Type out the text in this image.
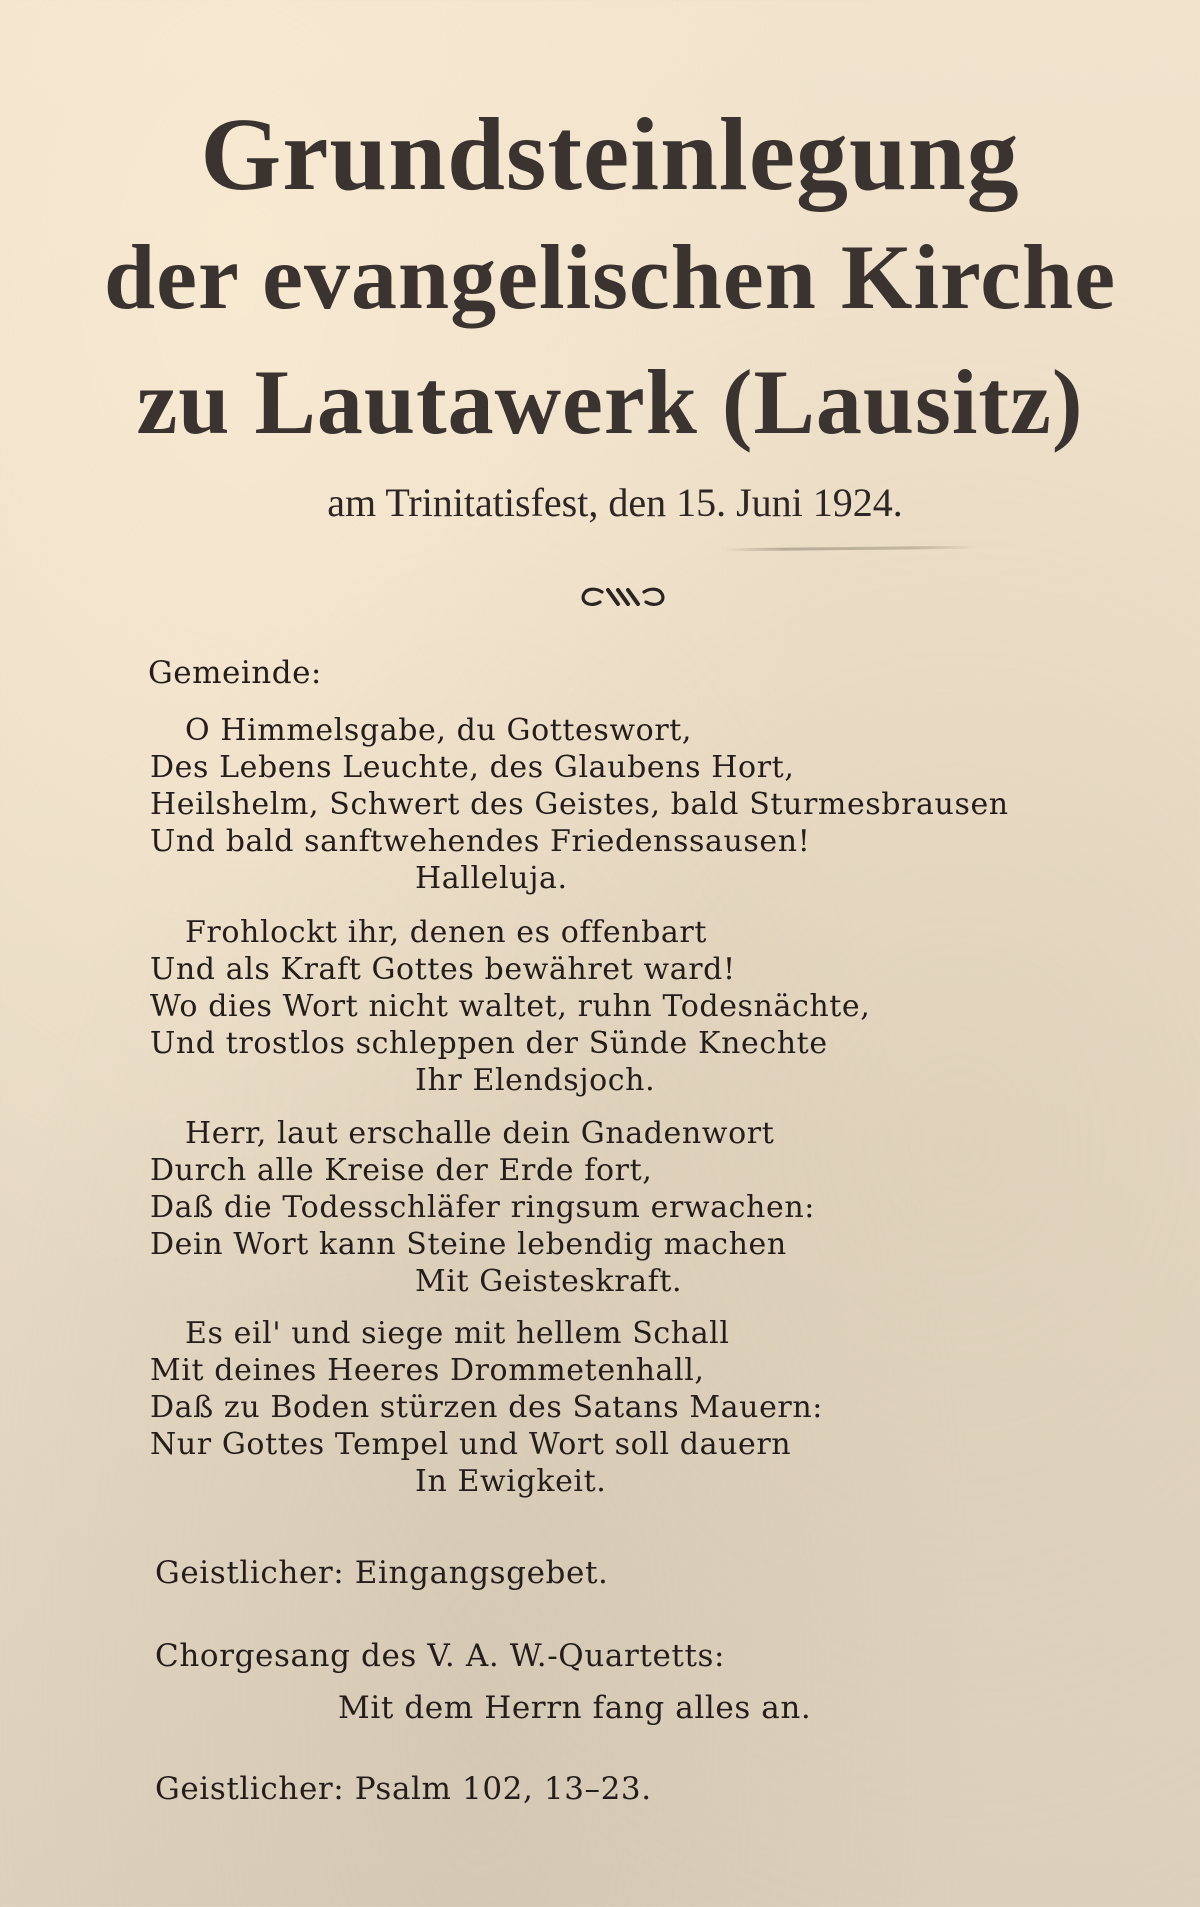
Grundsteinlegung
der evangelischen Kirche
zu Lautawerk (Lausitz)
am Trinitatisfest, den 15. Juni 1924.
Gemeinde:
O Himmelsgabe, du Gotteswort,
Des Lebens Leuchte, des Glaubens Hort,
Heilshelm, Schwert des Geistes, bald Sturmesbrausen
Und bald sanftwehendes Friedenssausen!
Halleluja.
Frohlockt ihr, denen es offenbart
Und als Kraft Gottes bewähret ward!
Wo dies Wort nicht waltet, ruhn Todesnächte,
Und trostlos schleppen der Sünde Knechte
Ihr Elendsjoch.
Herr, laut erschalle dein Gnadenwort
Durch alle Kreise der Erde fort,
Daß die Todesschläfer ringsum erwachen:
Dein Wort kann Steine lebendig machen
Mit Geisteskraft.
Es eil' und siege mit hellem Schall
Mit deines Heeres Drommetenhall,
Daß zu Boden stürzen des Satans Mauern:
Nur Gottes Tempel und Wort soll dauern
In Ewigkeit.
Geistlicher: Eingangsgebet.
Chorgesang des V. A. W.-Quartetts:
Mit dem Herrn fang alles an.
Geistlicher: Psalm 102, 13–23.
